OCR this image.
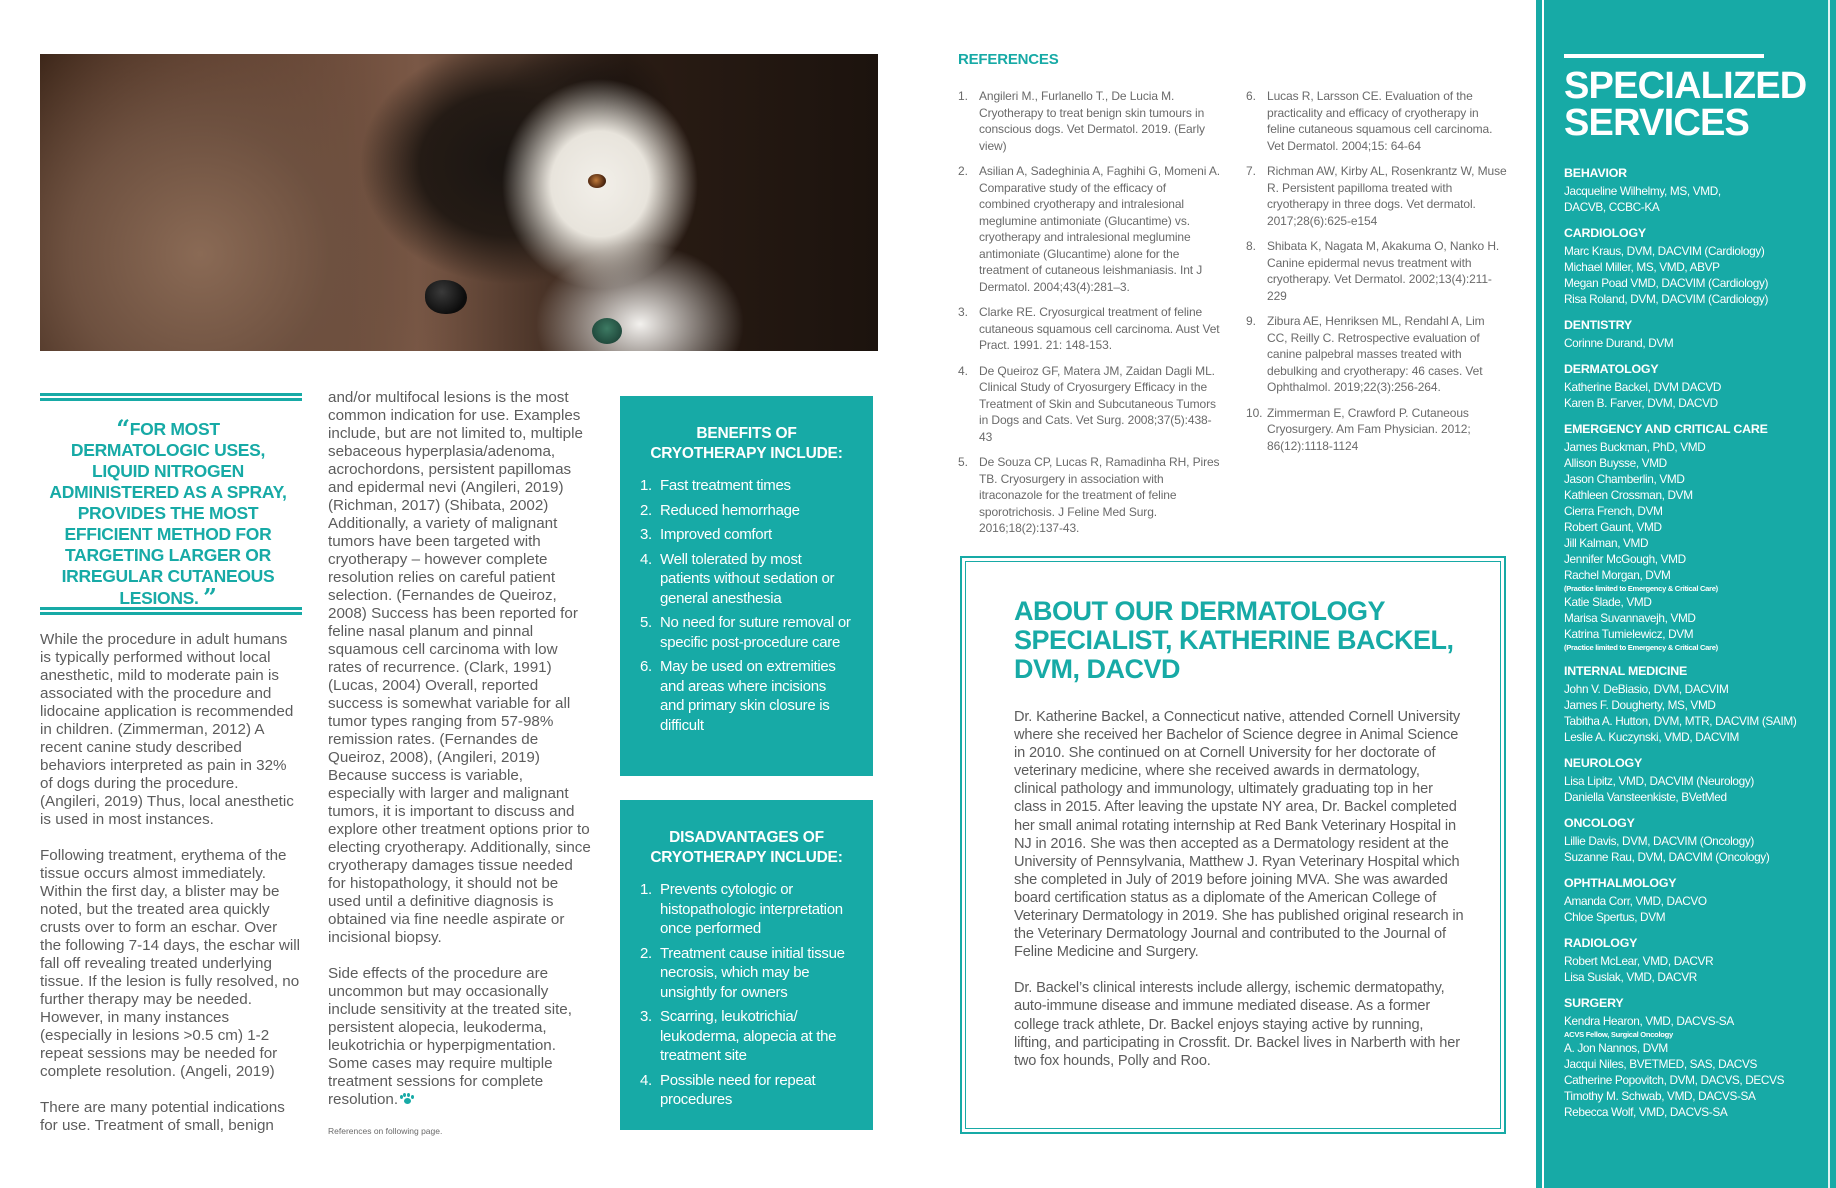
“FOR MOST DERMATOLOGIC USES, LIQUID NITROGEN ADMINISTERED AS A SPRAY, PROVIDES THE MOST EFFICIENT METHOD FOR TARGETING LARGER OR IRREGULAR CUTANEOUS LESIONS. ”

While the procedure in adult humans is typically performed without local anesthetic, mild to moderate pain is associated with the procedure and lidocaine application is recommended in children. (Zimmerman, 2012) A recent canine study described behaviors interpreted as pain in 32% of dogs during the procedure. (Angileri, 2019) Thus, local anesthetic is used in most instances.

Following treatment, erythema of the tissue occurs almost immediately. Within the first day, a blister may be noted, but the treated area quickly crusts over to form an eschar. Over the following 7-14 days, the eschar will fall off revealing treated underlying tissue. If the lesion is fully resolved, no further therapy may be needed. However, in many instances (especially in lesions >0.5 cm) 1-2 repeat sessions may be needed for complete resolution. (Angeli, 2019)

There are many potential indications for use. Treatment of small, benign

and/or multifocal lesions is the most common indication for use. Examples include, but are not limited to, multiple sebaceous hyperplasia/adenoma, acrochordons, persistent papillomas and epidermal nevi (Angileri, 2019) (Richman, 2017) (Shibata, 2002) Additionally, a variety of malignant tumors have been targeted with cryotherapy – however complete resolution relies on careful patient selection. (Fernandes de Queiroz, 2008) Success has been reported for feline nasal planum and pinnal squamous cell carcinoma with low rates of recurrence. (Clark, 1991) (Lucas, 2004) Overall, reported success is somewhat variable for all tumor types ranging from 57-98% remission rates. (Fernandes de Queiroz, 2008), (Angileri, 2019) Because success is variable, especially with larger and malignant tumors, it is important to discuss and explore other treatment options prior to electing cryotherapy. Additionally, since cryotherapy damages tissue needed for histopathology, it should not be used until a definitive diagnosis is obtained via fine needle aspirate or incisional biopsy.

Side effects of the procedure are uncommon but may occasionally include sensitivity at the treated site, persistent alopecia, leukoderma, leukotrichia or hyperpigmentation. Some cases may require multiple treatment sessions for complete resolution.

References on following page.
BENEFITS OF CRYOTHERAPY INCLUDE:
1. Fast treatment times
2. Reduced hemorrhage
3. Improved comfort
4. Well tolerated by most patients without sedation or general anesthesia
5. No need for suture removal or specific post-procedure care
6. May be used on extremities and areas where incisions and primary skin closure is difficult
DISADVANTAGES OF CRYOTHERAPY INCLUDE:
1. Prevents cytologic or histopathologic interpretation once performed
2. Treatment cause initial tissue necrosis, which may be unsightly for owners
3. Scarring, leukotrichia/ leukoderma, alopecia at the treatment site
4. Possible need for repeat procedures
REFERENCES
1. Angileri M., Furlanello T., De Lucia M. Cryotherapy to treat benign skin tumours in conscious dogs. Vet Dermatol. 2019. (Early view)
2. Asilian A, Sadeghinia A, Faghihi G, Momeni A. Comparative study of the efficacy of combined cryotherapy and intralesional meglumine antimoniate (Glucantime) vs. cryotherapy and intralesional meglumine antimoniate (Glucantime) alone for the treatment of cutaneous leishmaniasis. Int J Dermatol. 2004;43(4):281–3.
3. Clarke RE. Cryosurgical treatment of feline cutaneous squamous cell carcinoma. Aust Vet Pract. 1991. 21: 148-153.
4. De Queiroz GF, Matera JM, Zaidan Dagli ML. Clinical Study of Cryosurgery Efficacy in the Treatment of Skin and Subcutaneous Tumors in Dogs and Cats. Vet Surg. 2008;37(5):438-43
5. De Souza CP, Lucas R, Ramadinha RH, Pires TB. Cryosurgery in association with itraconazole for the treatment of feline sporotrichosis. J Feline Med Surg. 2016;18(2):137-43.
6. Lucas R, Larsson CE. Evaluation of the practicality and efficacy of cryotherapy in feline cutaneous squamous cell carcinoma. Vet Dermatol. 2004;15: 64-64
7. Richman AW, Kirby AL, Rosenkrantz W, Muse R. Persistent papilloma treated with cryotherapy in three dogs. Vet dermatol. 2017;28(6):625-e154
8. Shibata K, Nagata M, Akakuma O, Nanko H. Canine epidermal nevus treatment with cryotherapy. Vet Dermatol. 2002;13(4):211-229
9. Zibura AE, Henriksen ML, Rendahl A, Lim CC, Reilly C. Retrospective evaluation of canine palpebral masses treated with debulking and cryotherapy: 46 cases. Vet Ophthalmol. 2019;22(3):256-264.
10. Zimmerman E, Crawford P. Cutaneous Cryosurgery. Am Fam Physician. 2012; 86(12):1118-1124
ABOUT OUR DERMATOLOGY SPECIALIST, KATHERINE BACKEL, DVM, DACVD

Dr. Katherine Backel, a Connecticut native, attended Cornell University where she received her Bachelor of Science degree in Animal Science in 2010. She continued on at Cornell University for her doctorate of veterinary medicine, where she received awards in dermatology, clinical pathology and immunology, ultimately graduating top in her class in 2015. After leaving the upstate NY area, Dr. Backel completed her small animal rotating internship at Red Bank Veterinary Hospital in NJ in 2016. She was then accepted as a Dermatology resident at the University of Pennsylvania, Matthew J. Ryan Veterinary Hospital which she completed in July of 2019 before joining MVA. She was awarded board certification status as a diplomate of the American College of Veterinary Dermatology in 2019. She has published original research in the Veterinary Dermatology Journal and contributed to the Journal of Feline Medicine and Surgery.

Dr. Backel’s clinical interests include allergy, ischemic dermatopathy, auto-immune disease and immune mediated disease. As a former college track athlete, Dr. Backel enjoys staying active by running, lifting, and participating in Crossfit. Dr. Backel lives in Narberth with her two fox hounds, Polly and Roo.

SPECIALIZED
SERVICES
BEHAVIOR
Jacqueline Wilhelmy, MS, VMD,
DACVB, CCBC-KA
CARDIOLOGY
Marc Kraus, DVM, DACVIM (Cardiology)
Michael Miller, MS, VMD, ABVP
Megan Poad VMD, DACVIM (Cardiology)
Risa Roland, DVM, DACVIM (Cardiology)
DENTISTRY
Corinne Durand, DVM
DERMATOLOGY
Katherine Backel, DVM DACVD
Karen B. Farver, DVM, DACVD
EMERGENCY AND CRITICAL CARE
James Buckman, PhD, VMD
Allison Buysse, VMD
Jason Chamberlin, VMD
Kathleen Crossman, DVM
Cierra French, DVM
Robert Gaunt, VMD
Jill Kalman, VMD
Jennifer McGough, VMD
Rachel Morgan, DVM
(Practice limited to Emergency & Critical Care)
Katie Slade, VMD
Marisa Suvannavejh, VMD
Katrina Tumielewicz, DVM
(Practice limited to Emergency & Critical Care)
INTERNAL MEDICINE
John V. DeBiasio, DVM, DACVIM
James F. Dougherty, MS, VMD
Tabitha A. Hutton, DVM, MTR, DACVIM (SAIM)
Leslie A. Kuczynski, VMD, DACVIM
NEUROLOGY
Lisa Lipitz, VMD, DACVIM (Neurology)
Daniella Vansteenkiste, BVetMed
ONCOLOGY
Lillie Davis, DVM, DACVIM (Oncology)
Suzanne Rau, DVM, DACVIM (Oncology)
OPHTHALMOLOGY
Amanda Corr, VMD, DACVO
Chloe Spertus, DVM
RADIOLOGY
Robert McLear, VMD, DACVR
Lisa Suslak, VMD, DACVR
SURGERY
Kendra Hearon, VMD, DACVS-SA
ACVS Fellow, Surgical Oncology
A. Jon Nannos, DVM
Jacqui Niles, BVETMED, SAS, DACVS
Catherine Popovitch, DVM, DACVS, DECVS
Timothy M. Schwab, VMD, DACVS-SA
Rebecca Wolf, VMD, DACVS-SA
